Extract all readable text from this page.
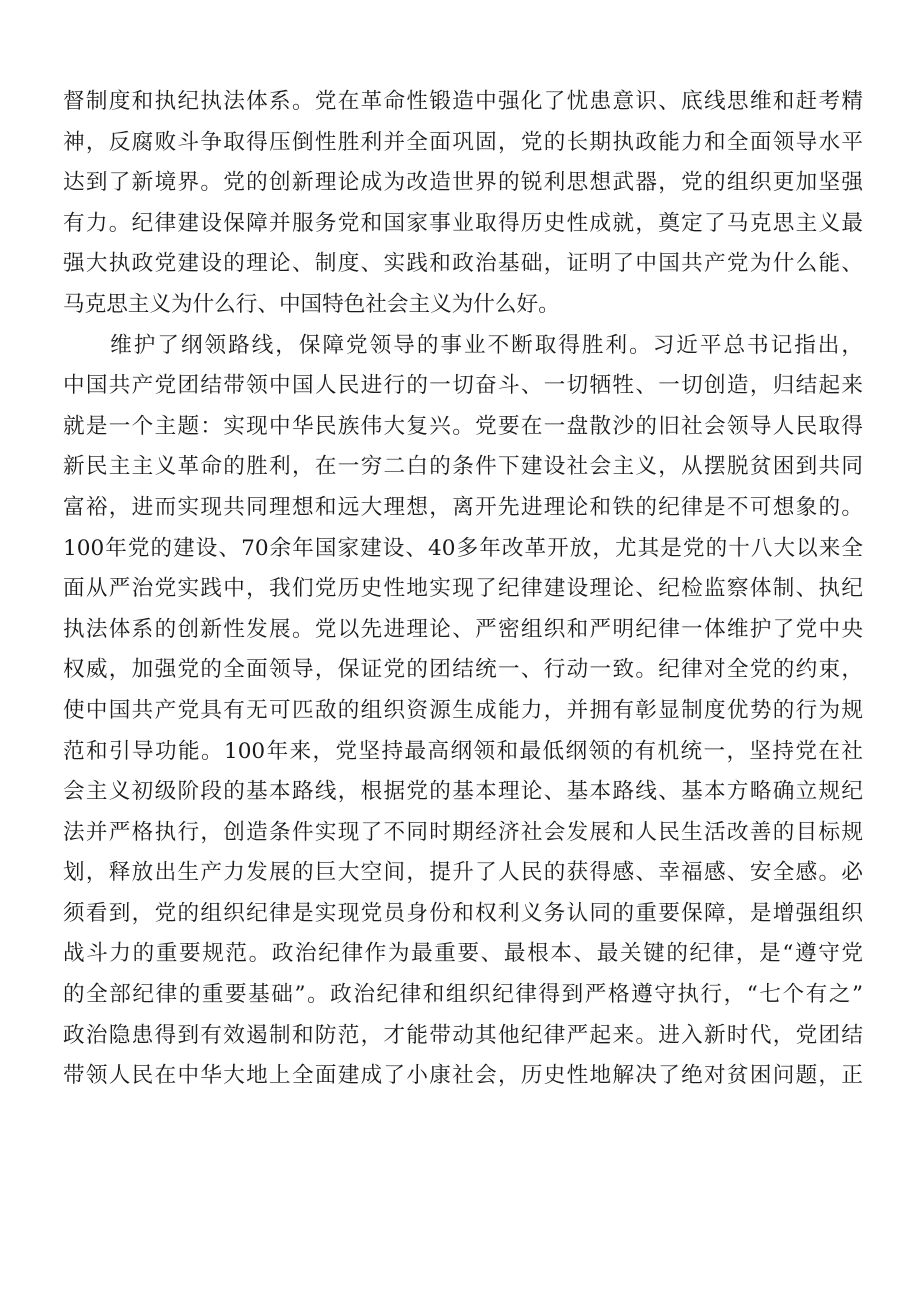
督制度和执纪执法体系。党在革命性锻造中强化了忧患意识、底线思维和赶考精
神，反腐败斗争取得压倒性胜利并全面巩固，党的长期执政能力和全面领导水平
达到了新境界。党的创新理论成为改造世界的锐利思想武器，党的组织更加坚强
有力。纪律建设保障并服务党和国家事业取得历史性成就，奠定了马克思主义最
强大执政党建设的理论、制度、实践和政治基础，证明了中国共产党为什么能、
马克思主义为什么行、中国特色社会主义为什么好。
　　维护了纲领路线，保障党领导的事业不断取得胜利。习近平总书记指出，
中国共产党团结带领中国人民进行的一切奋斗、一切牺牲、一切创造，归结起来
就是一个主题：实现中华民族伟大复兴。党要在一盘散沙的旧社会领导人民取得
新民主主义革命的胜利，在一穷二白的条件下建设社会主义，从摆脱贫困到共同
富裕，进而实现共同理想和远大理想，离开先进理论和铁的纪律是不可想象的。
100年党的建设、70余年国家建设、40多年改革开放，尤其是党的十八大以来全
面从严治党实践中，我们党历史性地实现了纪律建设理论、纪检监察体制、执纪
执法体系的创新性发展。党以先进理论、严密组织和严明纪律一体维护了党中央
权威，加强党的全面领导，保证党的团结统一、行动一致。纪律对全党的约束，
使中国共产党具有无可匹敌的组织资源生成能力，并拥有彰显制度优势的行为规
范和引导功能。100年来，党坚持最高纲领和最低纲领的有机统一，坚持党在社
会主义初级阶段的基本路线，根据党的基本理论、基本路线、基本方略确立规纪
法并严格执行，创造条件实现了不同时期经济社会发展和人民生活改善的目标规
划，释放出生产力发展的巨大空间，提升了人民的获得感、幸福感、安全感。必
须看到，党的组织纪律是实现党员身份和权利义务认同的重要保障，是增强组织
战斗力的重要规范。政治纪律作为最重要、最根本、最关键的纪律，是“遵守党
的全部纪律的重要基础”。政治纪律和组织纪律得到严格遵守执行，“七个有之”
政治隐患得到有效遏制和防范，才能带动其他纪律严起来。进入新时代，党团结
带领人民在中华大地上全面建成了小康社会，历史性地解决了绝对贫困问题，正
